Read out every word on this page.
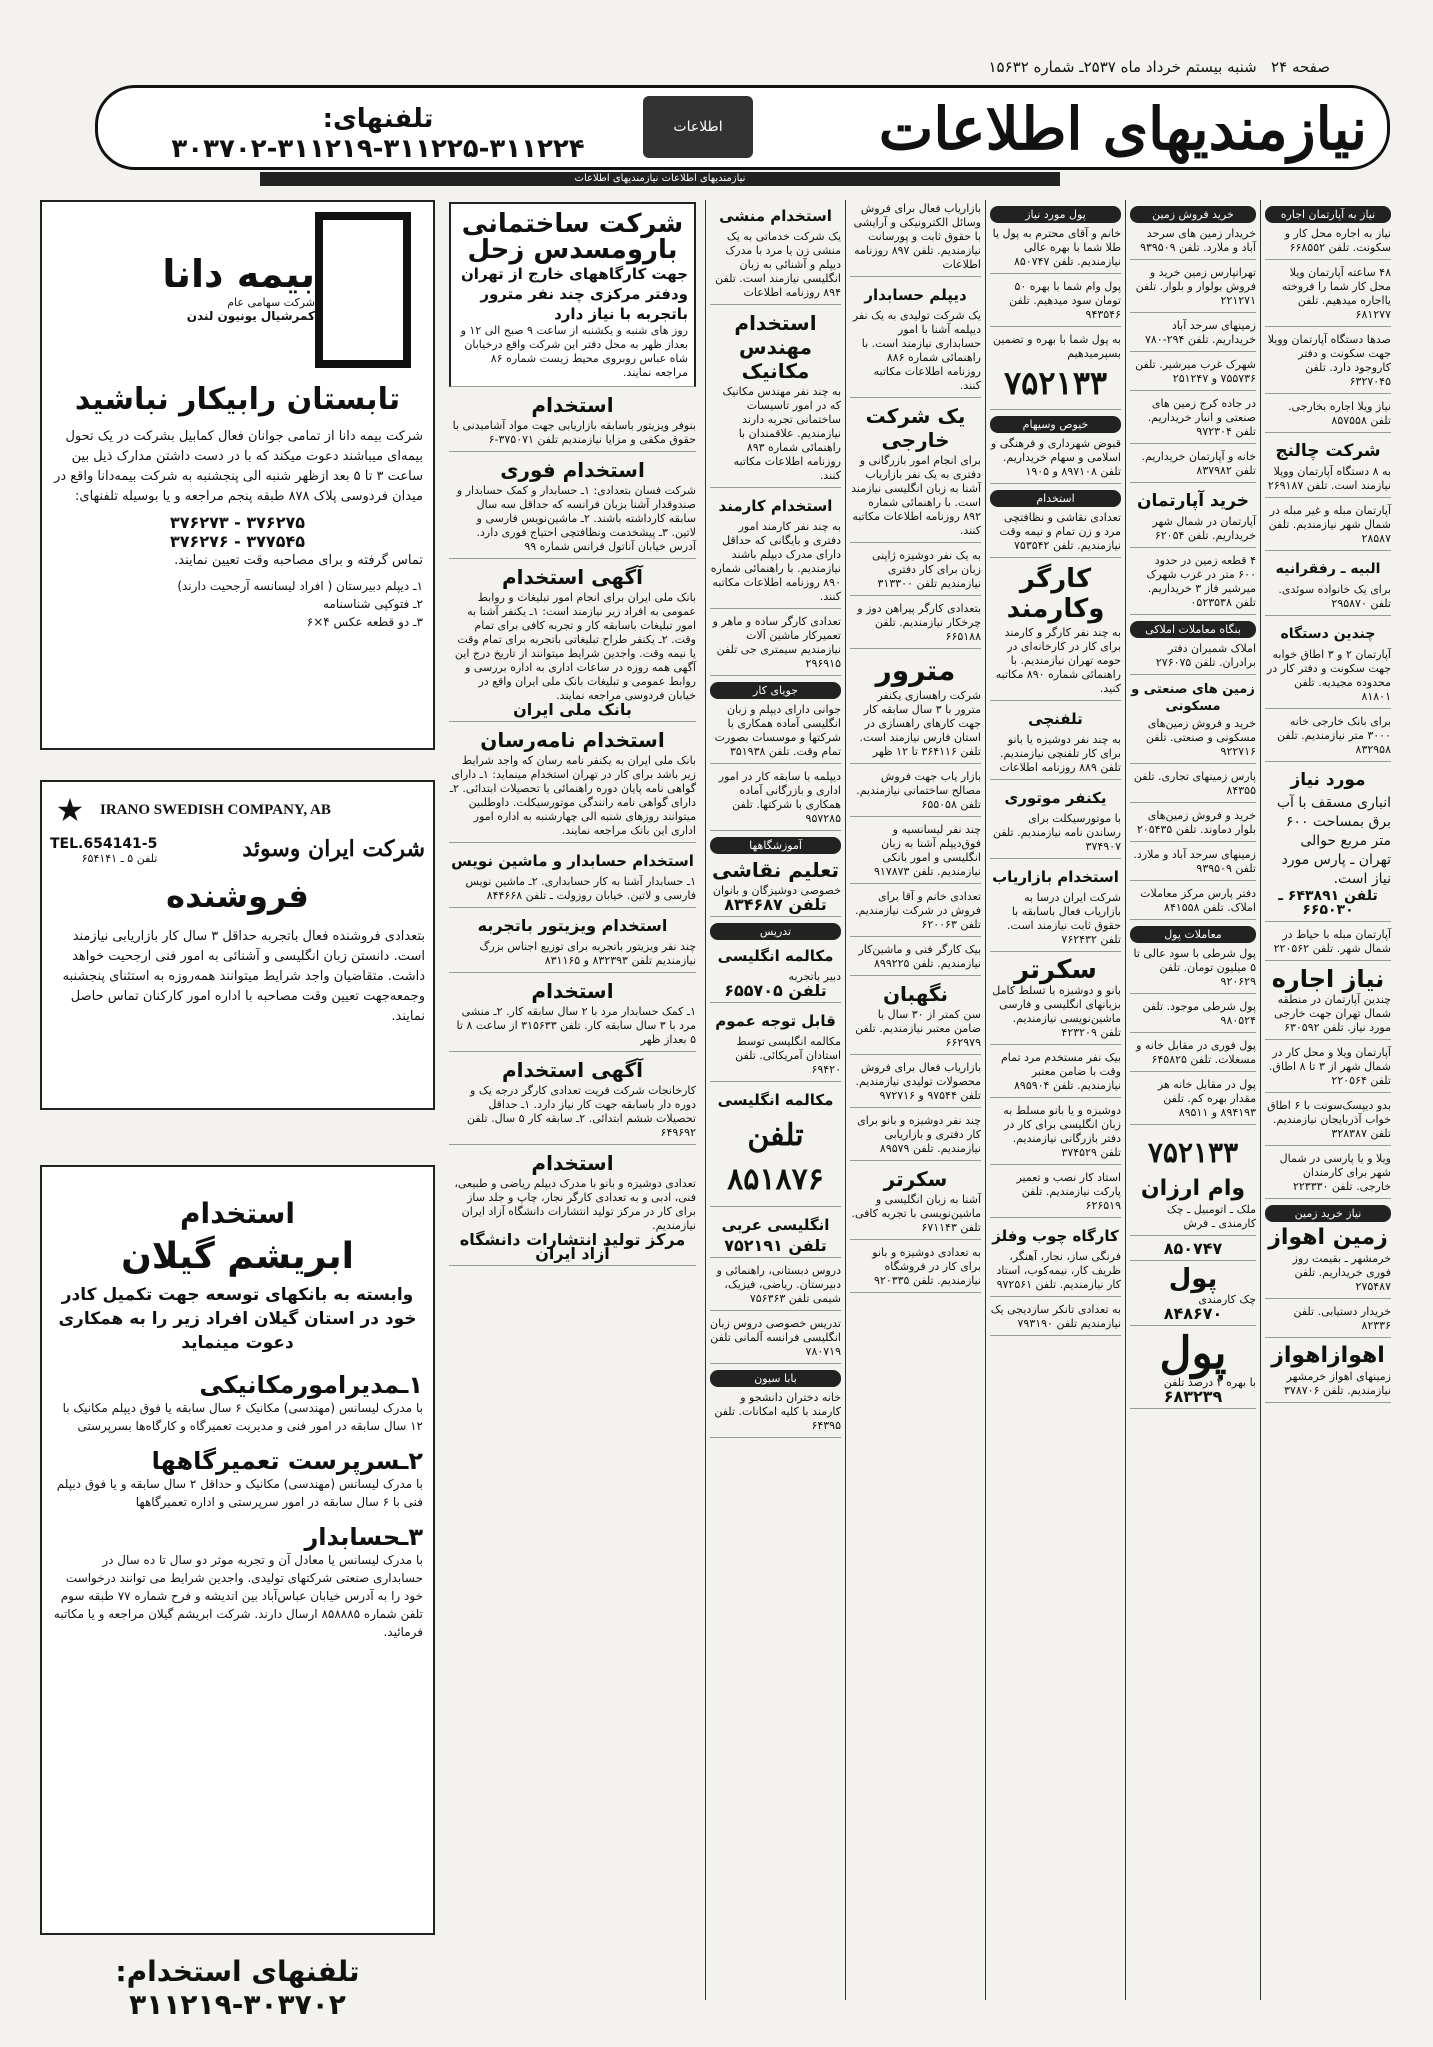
صفحه ۲۴   شنبه بیستم خرداد ماه ۲۵۳۷ـ شماره ۱۵۶۳۲
نیازمندیهای اطلاعات
اطلاعات
تلفنهای: ۳۱۱۲۲۴-۳۱۱۲۲۵-۳۱۱۲۱۹-۳۰۳۷۰۲
نیازمندیهای اطلاعات نیازمندیهای اطلاعات
بیمه دانا
شرکت سهامی عام
کمرشیال یونیون لندن
تابستان رابیکار نباشید
شرکت بیمه دانا از تمامی جوانان فعال کمابیل بشرکت در یک تحول بیمه‌ای میباشند دعوت میکند که با در دست داشتن مدارک ذیل بین ساعت ۳ تا ۵ بعد ازظهر شنبه الی پنجشنبه به شرکت بیمه‌دانا واقع در میدان فردوسی پلاک ۸۷۸ طبقه پنجم مراجعه و یا بوسیله تلفنهای:
۳۷۶۲۷۳ - ۳۷۶۲۷۵
۳۷۶۲۷۶ - ۳۷۷۵۴۵
تماس گرفته و برای مصاحبه وقت تعیین نمایند.
۱ـ دیپلم دبیرستان ( افراد لیسانسه آرجحیت دارند)
۲ـ فتوکپی شناسنامه
۳ـ دو قطعه عکس ۴×۶
★	IRANO SWEDISH COMPANY, AB
TEL.654141-5
تلفن ۵ ـ ۶۵۴۱۴۱	شرکت ایران وسوئد
فروشنده
بتعدادی فروشنده فعال باتجربه حداقل ۳ سال کار بازاریابی نیازمند است. دانستن زبان انگلیسی و آشنائی به امور فنی ارجحیت خواهد داشت. متقاضیان واجد شرایط میتوانند همه‌روزه به استثنای پنجشنبه وجمعه‌جهت تعیین وقت مصاحبه با اداره امور کارکنان تماس حاصل نمایند.
استخدام
ابریشم گیلان
وابسته به بانکهای توسعه جهت تکمیل کادر خود در استان گیلان افراد زیر را به همکاری دعوت مینماید
۱ـمدیرامورمکانیکی
با مدرک لیسانس (مهندسی) مکانیک ۶ سال سابقه یا فوق دیپلم مکانیک با ۱۲ سال سابقه در امور فنی و مدیریت تعمیرگاه و کارگاه‌ها بسرپرستی
۲ـسرپرست تعمیرگاهها
با مدرک لیسانس (مهندسی) مکانیک و حداقل ۲ سال سابقه و یا فوق دیپلم فنی با ۶ سال سابقه در امور سرپرستی و اداره تعمیرگاهها
۳ـحسابدار
با مدرک لیسانس یا معادل آن و تجربه موثر دو سال تا ده سال در حسابداری صنعتی شرکتهای تولیدی. واجدین شرایط می توانند درخواست خود را به آدرس خیابان عباس‌آباد بین اندیشه و فرح شماره ۷۷ طبقه سوم تلفن شماره ۸۵۸۸۸۵ ارسال دارند. شرکت ابریشم گیلان مراجعه و یا مکاتبه فرمائید.
تلفنهای استخدام: ۳۰۳۷۰۲-۳۱۱۲۱۹
شرکت ساختمانی
بارومسدس زحل
جهت کارگاههای خارج از تهران ودفتر مرکزی چند نفر مترور باتجربه با نیاز دارد
روز های شنبه و یکشنبه از ساعت ۹ صبح الی ۱۲ و بعداز ظهر به محل دفتر این شرکت واقع درخیابان شاه عباس روبروی محیط زیست شماره ۸۶ مراجعه نمایند.
استخدام
بنوفر ویزیتور باسابقه بازاریابی جهت مواد آشامیدنی با حقوق مکفی و مزایا نیازمندیم تلفن ۳۷۵۰۷۱-۶
استخدام فوری
شرکت فسان بتعدادی: ۱ـ حسابدار و کمک حسابدار و صندوقدار آشنا بزبان فرانسه که حداقل سه سال سابقه کارداشته باشند. ۲ـ ماشین‌نویس فارسی و لاتین. ۳ـ پیشخدمت ونظافتچی احتیاج فوری دارد. آدرس خیابان آناتول فرانس شماره ۹۹
آگهی استخدام
بانک ملی ایران برای انجام امور تبلیغات و روابط عمومی به افراد زیر نیازمند است: ۱ـ یکنفر آشنا به امور تبلیغات باسابقه کار و تجربه کافی برای تمام وقت. ۲ـ یکنفر طراح تبلیغاتی باتجربه برای تمام وقت یا نیمه وقت. واجدین شرایط میتوانند از تاریخ درج این آگهی همه روزه در ساعات اداری به اداره بررسی و روابط عمومی و تبلیغات بانک ملی ایران واقع در خیابان فردوسی مراجعه نمایند.
بانک ملی ایران
استخدام نامه‌رسان
بانک ملی ایران به یکنفر نامه رسان که واجد شرایط زیر باشد برای کار در تهران استخدام مینماید: ۱ـ دارای گواهی نامه پایان دوره راهنمائی یا تحصیلات ابتدائی. ۲ـ دارای گواهی نامه رانندگی موتورسیکلت. داوطلبین میتوانند روزهای شنبه الی چهارشنبه به اداره امور اداری این بانک مراجعه نمایند.
استخدام حسابدار و ماشین نویس
۱ـ حسابدار آشنا به کار حسابداری. ۲ـ ماشین نویس فارسی و لاتین. خیابان روزولت ـ تلفن ۸۴۴۶۶۸
استخدام ویزیتور باتجربه
چند نفر ویزیتور باتجربه برای توزیع اجناس بزرگ نیازمندیم تلفن ۸۳۲۳۹۳ و ۸۳۱۱۶۵
استخدام
۱ـ کمک حسابدار مرد با ۲ سال سابقه کار. ۲ـ منشی مرد با ۳ سال سابقه کار. تلفن ۳۱۵۶۳۳ از ساعت ۸ تا ۵ بعداز ظهر
آگهی استخدام
کارخانجات شرکت فریت تعدادی کارگر درجه یک و دوره دار باسابقه جهت کار نیاز دارد. ۱ـ حداقل تحصیلات ششم ابتدائی. ۲ـ سابقه کار ۵ سال. تلفن ۶۴۹۶۹۲
استخدام
تعدادی دوشیزه و بانو با مدرک دیپلم ریاضی و طبیعی، فنی، ادبی و به تعدادی کارگر نجار، چاپ و جلد ساز برای کار در مرکز تولید انتشارات دانشگاه آزاد ایران نیازمندیم.
مرکز تولید انتشارات دانشگاه آزاد ایران
استخدام منشی
یک شرکت خدماتی به یک منشی زن یا مرد با مدرک دیپلم و آشنائی به زبان انگلیسی نیازمند است. تلفن ۸۹۴ روزنامه اطلاعات
استخدام مهندس مکانیک
به چند نفر مهندس مکانیک که در امور تاسیسات ساختمانی تجربه دارند نیازمندیم. علاقمندان با راهنمائی شماره ۸۹۳ روزنامه اطلاعات مکاتبه کنند.
استخدام کارمند
به چند نفر کارمند امور دفتری و بایگانی که حداقل دارای مدرک دیپلم باشند نیازمندیم. با راهنمائی شماره ۸۹۰ روزنامه اطلاعات مکاتبه کنند.
تعدادی کارگر ساده و ماهر و تعمیرکار ماشین آلات نیازمندیم سیمتری جی تلفن ۲۹۶۹۱۵
جویای کار
جوانی دارای دیپلم و زبان انگلیسی آماده همکاری با شرکتها و موسسات بصورت تمام وقت. تلفن ۳۵۱۹۳۸
دیپلمه با سابقه کار در امور اداری و بازرگانی آماده همکاری با شرکتها. تلفن ۹۵۷۲۸۵
آموزشگاهها
تعلیم نقاشی
خصوصی دوشیزگان و بانوان
تلفن ۸۳۴۶۸۷
تدریس
مکالمه انگلیسی
دبیر باتجربه
تلفن ۶۵۵۷۰۵
قابل توجه عموم
مکالمه انگلیسی توسط استادان آمریکائی. تلفن ۶۹۴۲۰
مکالمه انگلیسی
تلفن ۸۵۱۸۷۶
انگلیسی عربی
تلفن ۷۵۲۱۹۱
دروس دبستانی، راهنمائی و دبیرستان. ریاضی، فیزیک، شیمی تلفن ۷۵۶۳۶۳
تدریس خصوصی دروس زبان انگلیسی فرانسه آلمانی تلفن ۷۸۰۷۱۹
بابا سیون
خانه دختران دانشجو و کارمند با کلیه امکانات. تلفن ۶۴۳۹۵
بازاریاب فعال برای فروش وسائل الکترونیکی و آرایشی با حقوق ثابت و پورسانت نیازمندیم. تلفن ۸۹۷ روزنامه اطلاعات
دیپلم حسابدار
یک شرکت تولیدی به یک نفر دیپلمه آشنا با امور حسابداری نیازمند است. با راهنمائی شماره ۸۸۶ روزنامه اطلاعات مکاتبه کنند.
یک شرکت خارجی
برای انجام امور بازرگانی و دفتری به یک نفر بازاریاب آشنا به زبان انگلیسی نیازمند است. با راهنمائی شماره ۸۹۲ روزنامه اطلاعات مکاتبه کنند.
به یک نفر دوشیزه ژاپنی زبان برای کار دفتری نیازمندیم تلفن ۳۱۳۳۰۰
بتعدادی کارگر پیراهن دوز و چرخکار نیازمندیم. تلفن ۶۶۵۱۸۸
مترور
شرکت راهسازی یکنفر مترور با ۳ سال سابقه کار جهت کارهای راهسازی در استان فارس نیازمند است. تلفن ۳۶۴۱۱۶ تا ۱۲ ظهر
بازار یاب جهت فروش مصالح ساختمانی نیازمندیم. تلفن ۶۵۵۰۵۸
چند نفر لیسانسیه و فوق‌دیپلم آشنا به زبان انگلیسی و امور بانکی نیازمندیم. تلفن ۹۱۷۸۷۳
تعدادی خانم و آقا برای فروش در شرکت نیازمندیم. تلفن ۶۲۰۰۶۳
بیک کارگر فنی و ماشین‌کار نیازمندیم. تلفن ۸۹۹۲۲۵
نگهبان
سن کمتر از ۳۰ سال با ضامن معتبر نیازمندیم. تلفن ۶۶۲۹۷۹
بازاریاب فعال برای فروش محصولات تولیدی نیازمندیم. تلفن ۹۷۵۴۴ و ۹۷۲۷۱۶
چند نفر دوشیزه و بانو برای کار دفتری و بازاریابی نیازمندیم. تلفن ۸۹۵۷۹
سکرتر
آشنا به زبان انگلیسی و ماشین‌نویسی با تجربه کافی. تلفن ۶۷۱۱۴۳
به تعدادی دوشیزه و بانو برای کار در فروشگاه نیازمندیم. تلفن ۹۲۰۳۳۵
پول مورد نیاز
خانم و آقای محترم به پول یا طلا شما با بهره عالی نیازمندیم. تلفن ۸۵۰۷۴۷
پول وام شما با بهره ۵۰ تومان سود میدهیم. تلفن ۹۴۳۵۴۶
به پول شما با بهره و تضمین بسپرمیدهیم
۷۵۲۱۳۳
خیوص وسیهام
قبوض شهرداری و فرهنگی و اسلامی و سهام خریداریم. تلفن ۸۹۷۱۰۸ و ۱۹۰۵
استخدام
تعدادی نقاشی و نظافتچی مرد و زن تمام و نیمه وقت نیازمندیم. تلفن ۷۵۳۵۴۲
کارگر وکارمند
به چند نفر کارگر و کارمند برای کار در کارخانه‌ای در حومه تهران نیازمندیم. با راهنمائی شماره ۸۹۰ مکاتبه کنید.
تلفنچی
به چند نفر دوشیزه یا بانو برای کار تلفنچی نیازمندیم. تلفن ۸۸۹ روزنامه اطلاعات
یکنفر موتوری
با موتورسیکلت برای رساندن نامه نیازمندیم. تلفن ۳۷۴۹۰۷
استخدام بازاریاب
شرکت ایران درسا به بازاریاب فعال باسابقه با حقوق ثابت نیازمند است. تلفن ۷۶۲۴۳۲
سکرتر
بانو و دوشیزه با تسلط کامل بزبانهای انگلیسی و فارسی ماشین‌نویسی نیازمندیم. تلفن ۴۲۳۲۰۹
بیک نفر مستخدم مرد تمام وقت با ضامن معتبر نیازمندیم. تلفن ۸۹۵۹۰۴
دوشیزه و یا بانو مسلط به زبان انگلیسی برای کار در دفتر بازرگانی نیازمندیم. تلفن ۳۷۴۵۲۹
استاد کار نصب و تعمیر پارکت نیازمندیم. تلفن ۶۲۶۵۱۹
کارگاه چوب وفلز
فرنگی ساز، نجار، آهنگر، ظریف کار، نیمه‌کوب، استاد کار نیازمندیم. تلفن ۹۷۲۵۶۱
به تعدادی تانکر سازدیجی یک نیازمندیم تلفن ۷۹۳۱۹۰
خرید فروش زمین
خریدار زمین های سرحد آباد و ملارد. تلفن ۹۳۹۵۰۹
تهرانپارس زمین خرید و فروش بولوار و بلوار. تلفن ۲۲۱۲۷۱
زمینهای سرحد آباد خریداریم. تلفن ۲۹۴-۷۸۰
شهرک غرب میرشیر. تلفن ۷۵۵۷۳۶ و ۲۵۱۲۴۷
در جاده کرج زمین های صنعتی و انبار خریداریم. تلفن ۹۷۲۳۰۴
خانه و آپارتمان خریداریم. تلفن ۸۳۷۹۸۲
خرید آپارتمان
آپارتمان در شمال شهر خریداریم. تلفن ۶۲۰۵۴
۴ قطعه زمین در حدود ۶۰۰ متر در غرب شهرک میرشیر فاز ۳ خریداریم. تلفن ۰۵۲۳۵۳۸
بنگاه معاملات املاکی
املاک شمیران دفتر برادران. تلفن ۲۷۶۰۷۵
زمین های صنعتی و مسکونی
خرید و فروش زمین‌های مسکونی و صنعتی. تلفن ۹۲۲۷۱۶
پارس زمینهای تجاری. تلفن ۸۴۳۵۵
خرید و فروش زمین‌های بلوار دماوند. تلفن ۲۰۵۴۳۵
زمینهای سرحد آباد و ملارد. تلفن ۹۳۹۵۰۹
دفتر پارس مرکز معاملات املاک. تلفن ۸۴۱۵۵۸
معاملات پول
پول شرطی با سود عالی تا ۵ میلیون تومان. تلفن ۹۲۰۶۲۹
پول شرطی موجود. تلفن ۹۸۰۵۲۴
پول فوری در مقابل خانه و مسغلات. تلفن ۶۴۵۸۲۵
پول در مقابل خانه هر مقدار بهره کم. تلفن ۸۹۴۱۹۳ و ۸۹۵۱۱
۷۵۲۱۳۳
وام ارزان
ملک ـ اتومبیل ـ چک کارمندی ـ فرش
۸۵۰۷۴۷
پول
چک کارمندی
۸۴۸۶۷۰
پول
با بهره ۲ درصد تلفن
۶۸۳۲۳۹
نیاز به آپارتمان اجاره
نیاز به اجاره محل کار و سکونت. تلفن ۶۶۸۵۵۲
۴۸ ساعته آپارتمان ویلا محل کار شما را فروخته یااجاره میدهیم. تلفن ۶۸۱۲۷۷
صدها دستگاه آپارتمان وویلا جهت سکونت و دفتر کاروجود دارد. تلفن ۶۳۲۷۰۴۵
نیاز ویلا اجاره بخارجی. تلفن ۸۵۷۵۵۸
شرکت چالنج
به ۸ دستگاه آپارتمان ووپلا نیازمند است. تلفن ۲۶۹۱۸۷
آپارتمان مبله و غیر مبله در شمال شهر نیازمندیم. تلفن ۲۸۵۸۷
البیه ـ رفقرانیه
برای یک خانواده سوئدی. تلفن ۲۹۵۸۷۰
چندین دستگاه
آپارتمان ۲ و ۳ اطاق خوابه جهت سکونت و دفتر کار در محدوده مجیدیه. تلفن ۸۱۸۰۱
برای بانک خارجی خانه ۳۰۰۰ متر نیازمندیم. تلفن ۸۳۲۹۵۸
مورد نیاز
انباری مسقف با آب برق بمساحت ۶۰۰ متر مربع حوالی تهران ـ پارس مورد نیاز است.
تلفن ۶۴۳۸۹۱ ـ ۶۶۵۰۳۰
آپارتمان مبله با حیاط در شمال شهر. تلفن ۲۲۰۵۶۲
نیاز اجاره
چندین آپارتمان در منطقه شمال تهران جهت خارجی مورد نیاز. تلفن ۶۳۰۵۹۲
آپارتمان ویلا و محل کار در شمال شهر از ۳ تا ۸ اطاق. تلفن ۲۲۰۵۶۴
بدو دیپسک‌سونت با ۶ اطاق خواب آذربایجان نیازمندیم. تلفن ۳۲۸۳۸۷
ویلا و یا پارسی در شمال شهر برای کارمندان خارجی. تلفن ۲۲۳۳۳۰
نیاز خرید زمین
زمین اهواز
خرمشهر ـ بقیمت روز فوری خریداریم. تلفن ۲۷۵۴۸۷
خریدار دستیابی. تلفن ۸۲۳۳۶
اهوازاهواز
زمینهای اهواز خرمشهر نیازمندیم. تلفن ۳۷۸۷۰۶
